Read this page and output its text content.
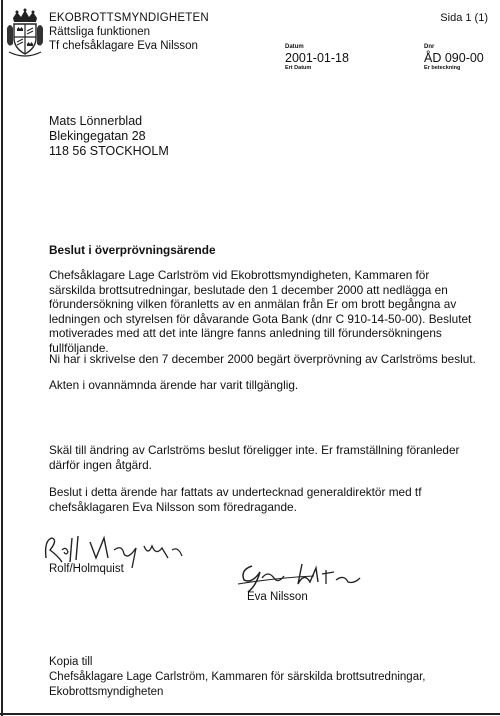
EKOBROTTSMYNDIGHETEN
Rättsliga funktionen
Tf chefsåklagare Eva Nilsson
Sida 1 (1)
Datum
2001-01-18
Ert Datum
Dnr
ÅD 090-00
Er beteckning
Mats Lönnerblad
Blekingegatan 28
118 56 STOCKHOLM

Beslut i överprövningsärende

Chefsåklagare Lage Carlström vid Ekobrottsmyndigheten, Kammaren för särskilda brottsutredningar, beslutade den 1 december 2000 att nedlägga en förundersökning vilken föranletts av en anmälan från Er om brott begångna av ledningen och styrelsen för dåvarande Gota Bank (dnr C 910-14-50-00). Beslutet motiverades med att det inte längre fanns anledning till förundersökningens fullföljande.

Ni har i skrivelse den 7 december 2000 begärt överprövning av Carlströms beslut.

Akten i ovannämnda ärende har varit tillgänglig.

Skäl till ändring av Carlströms beslut föreligger inte. Er framställning föranleder därför ingen åtgärd.

Beslut i detta ärende har fattats av undertecknad generaldirektör med tf chefsåklagaren Eva Nilsson som föredragande.

Rolf/Holmquist
Eva Nilsson
Kopia till
Chefsåklagare Lage Carlström, Kammaren för särskilda brottsutredningar,
Ekobrottsmyndigheten
